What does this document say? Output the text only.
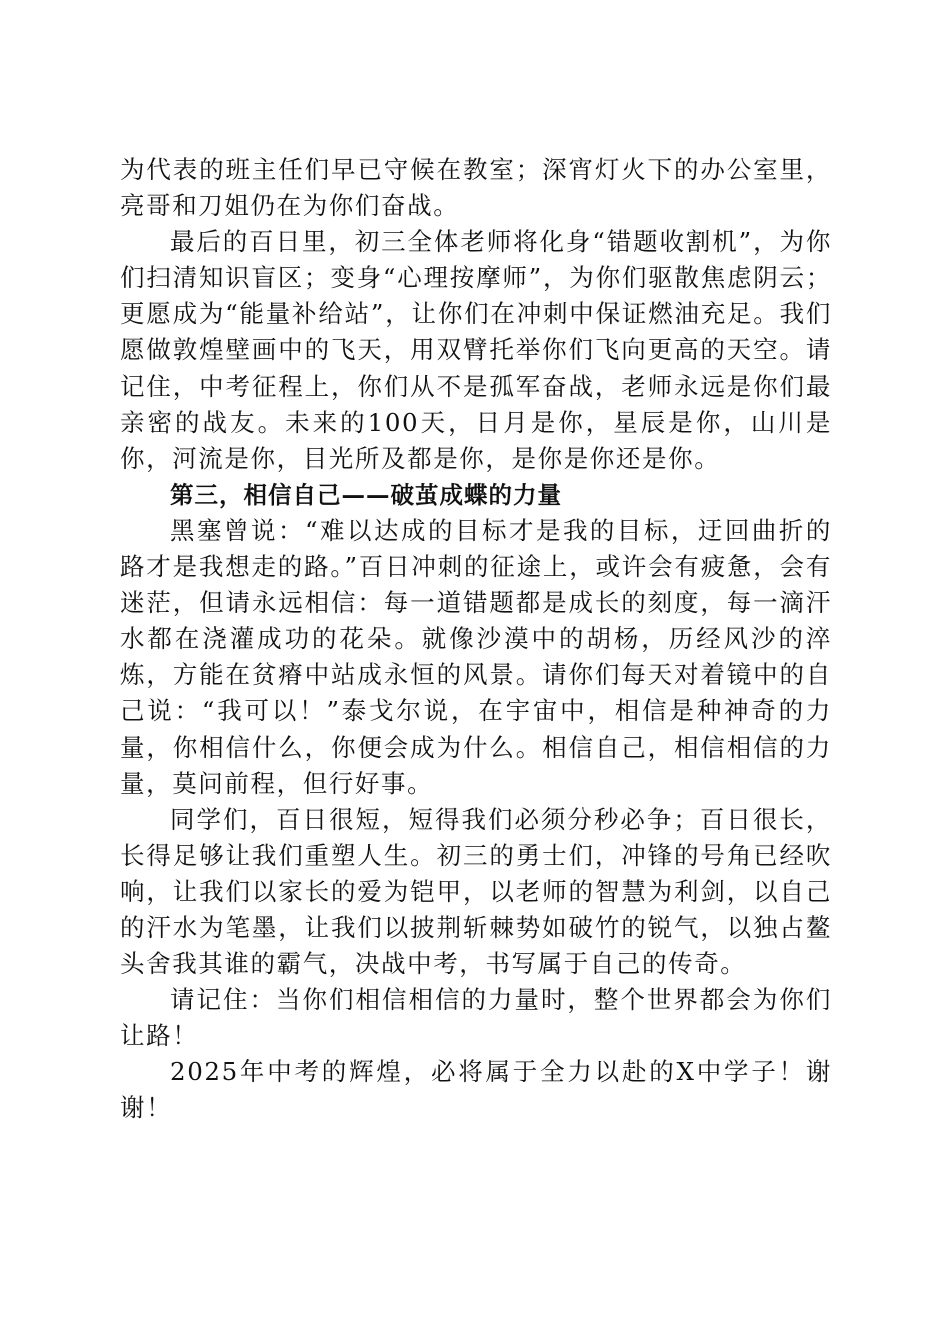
为代表的班主任们早已守候在教室；深宵灯火下的办公室里，亮哥和刀姐仍在为你们奋战。

最后的百日里，初三全体老师将化身“错题收割机”，为你们扫清知识盲区；变身“心理按摩师”，为你们驱散焦虑阴云；更愿成为“能量补给站”，让你们在冲刺中保证燃油充足。我们愿做敦煌壁画中的飞天，用双臂托举你们飞向更高的天空。请记住，中考征程上，你们从不是孤军奋战，老师永远是你们最亲密的战友。未来的100天，日月是你，星辰是你，山川是你，河流是你，目光所及都是你，是你是你还是你。

第三，相信自己——破茧成蝶的力量

黑塞曾说：“难以达成的目标才是我的目标，迂回曲折的路才是我想走的路。”百日冲刺的征途上，或许会有疲惫，会有迷茫，但请永远相信：每一道错题都是成长的刻度，每一滴汗水都在浇灌成功的花朵。就像沙漠中的胡杨，历经风沙的淬炼，方能在贫瘠中站成永恒的风景。请你们每天对着镜中的自己说：“我可以！”泰戈尔说，在宇宙中，相信是种神奇的力量，你相信什么，你便会成为什么。相信自己，相信相信的力量，莫问前程，但行好事。

同学们，百日很短，短得我们必须分秒必争；百日很长，长得足够让我们重塑人生。初三的勇士们，冲锋的号角已经吹响，让我们以家长的爱为铠甲，以老师的智慧为利剑，以自己的汗水为笔墨，让我们以披荆斩棘势如破竹的锐气，以独占鳌头舍我其谁的霸气，决战中考，书写属于自己的传奇。

请记住：当你们相信相信的力量时，整个世界都会为你们让路！

2025年中考的辉煌，必将属于全力以赴的X中学子！谢谢！
